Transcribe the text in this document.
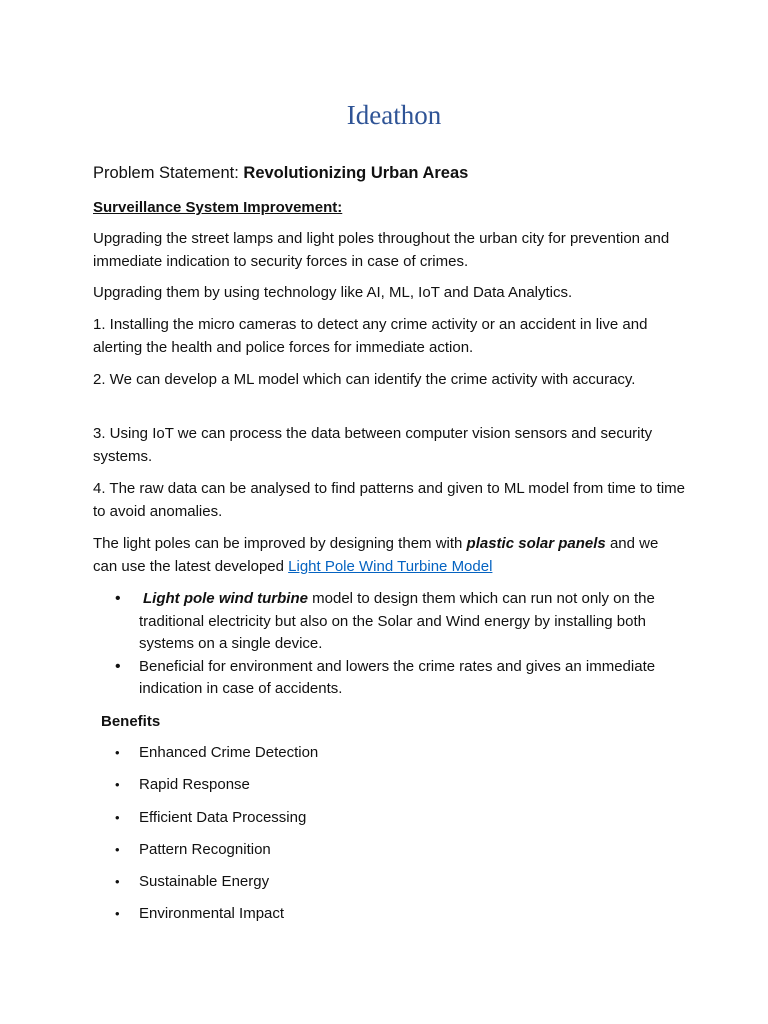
Ideathon

Problem Statement: Revolutionizing Urban Areas

Surveillance System Improvement:

Upgrading the street lamps and light poles throughout the urban city for prevention and immediate indication to security forces in case of crimes.

Upgrading them by using technology like AI, ML, IoT and Data Analytics.

1. Installing the micro cameras to detect any crime activity or an accident in live and alerting the health and police forces for immediate action.

2. We can develop a ML model which can identify the crime activity with accuracy.

3. Using IoT we can process the data between computer vision sensors and security systems.

4. The raw data can be analysed to find patterns and given to ML model from time to time to avoid anomalies.

The light poles can be improved by designing them with plastic solar panels and we can use the latest developed Light Pole Wind Turbine Model

• Light pole wind turbine model to design them which can run not only on the traditional electricity but also on the Solar and Wind energy by installing both systems on a single device.
• Beneficial for environment and lowers the crime rates and gives an immediate indication in case of accidents.

Benefits

• Enhanced Crime Detection
• Rapid Response
• Efficient Data Processing
• Pattern Recognition
• Sustainable Energy
• Environmental Impact
